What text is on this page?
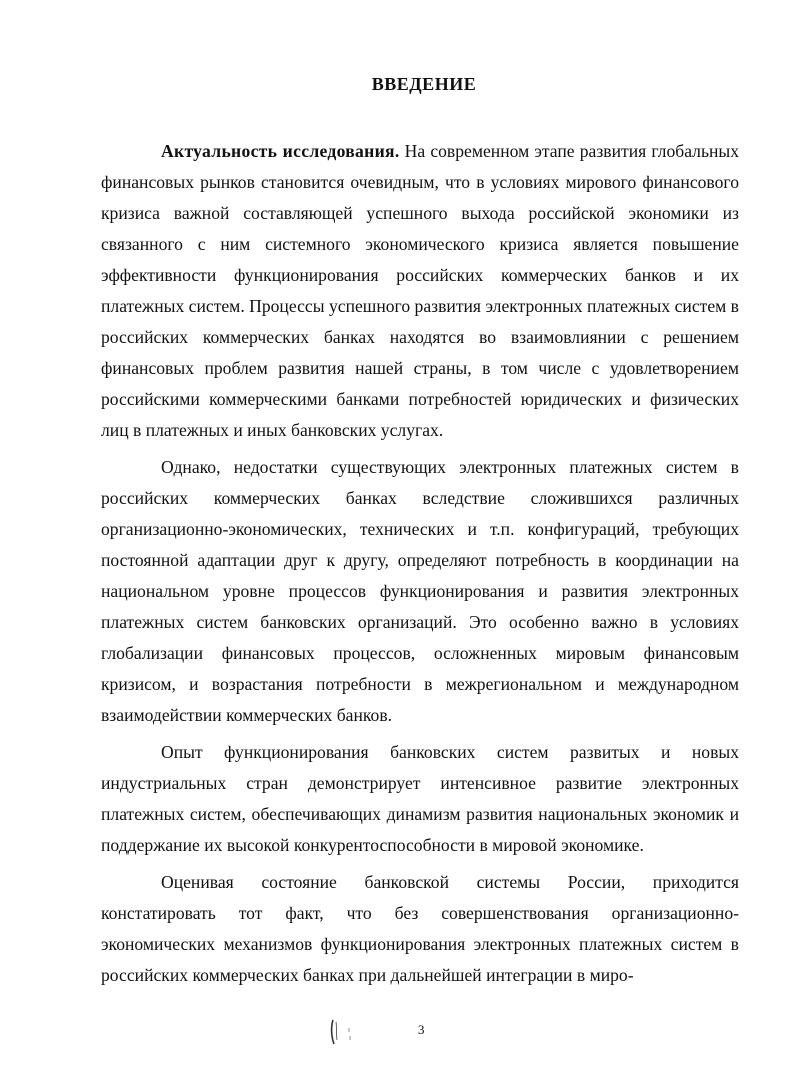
ВВЕДЕНИЕ

Актуальность исследования. На современном этапе развития глобальных финансовых рынков становится очевидным, что в условиях мирового финансового кризиса важной составляющей успешного выхода российской экономики из связанного с ним системного экономического кризиса является повышение эффективности функционирования российских коммерческих банков и их платежных систем. Процессы успешного развития электронных платежных систем в российских коммерческих банках находятся во взаимовлиянии с решением финансовых проблем развития нашей страны, в том числе с удовлетворением российскими коммерческими банками потребностей юридических и физических лиц в платежных и иных банковских услугах.

Однако, недостатки существующих электронных платежных систем в российских коммерческих банках вследствие сложившихся различных организационно-экономических, технических и т.п. конфигураций, требующих постоянной адаптации друг к другу, определяют потребность в координации на национальном уровне процессов функционирования и развития электронных платежных систем банковских организаций. Это особенно важно в условиях глобализации финансовых процессов, осложненных мировым финансовым кризисом, и возрастания потребности в межрегиональном и международном взаимодействии коммерческих банков.

Опыт функционирования банковских систем развитых и новых индустриальных стран демонстрирует интенсивное развитие электронных платежных систем, обеспечивающих динамизм развития национальных экономик и поддержание их высокой конкурентоспособности в мировой экономике.

Оценивая состояние банковской системы России, приходится констатировать тот факт, что без совершенствования организационно-экономических механизмов функционирования электронных платежных систем в российских коммерческих банках при дальнейшей интеграции в миро-

3
